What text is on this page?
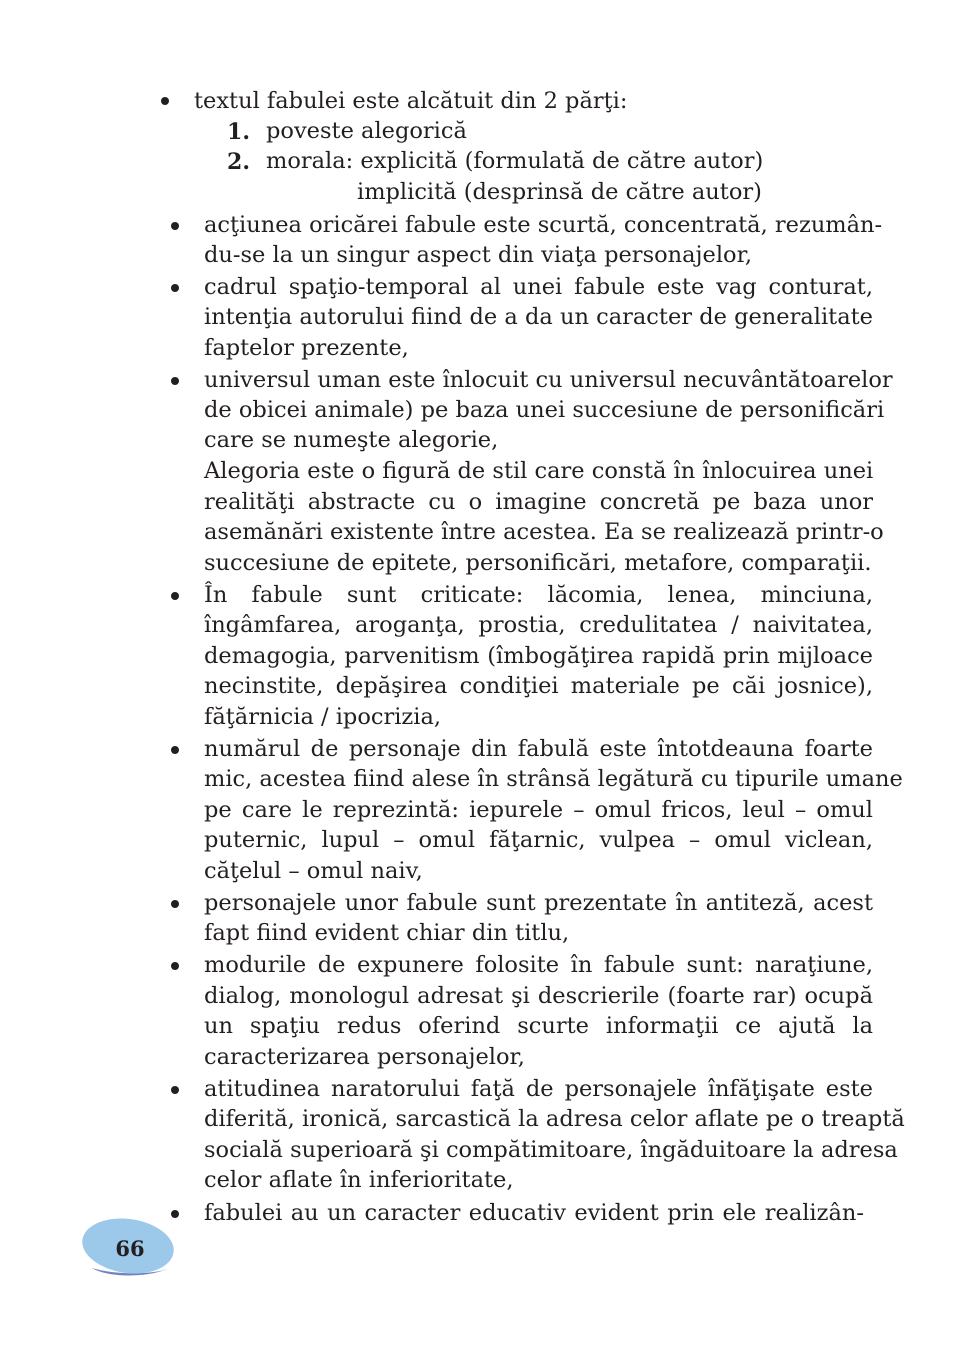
textul fabulei este alcătuit din 2 părţi:
1. poveste alegorică
2. morala: explicită (formulată de către autor)
implicită (desprinsă de către autor)
acţiunea oricărei fabule este scurtă, concentrată, rezumân-
du-se la un singur aspect din viaţa personajelor,
cadrul spaţio-temporal al unei fabule este vag conturat,
intenţia autorului fiind de a da un caracter de generalitate
faptelor prezente,
universul uman este înlocuit cu universul necuvântătoarelor
de obicei animale) pe baza unei succesiune de personificări
care se numeşte alegorie,
Alegoria este o figură de stil care constă în înlocuirea unei
realităţi abstracte cu o imagine concretă pe baza unor
asemănări existente între acestea. Ea se realizează printr-o
succesiune de epitete, personificări, metafore, comparaţii.
În fabule sunt criticate: lăcomia, lenea, minciuna,
îngâmfarea, aroganţa, prostia, credulitatea / naivitatea,
demagogia, parvenitism (îmbogăţirea rapidă prin mijloace
necinstite, depăşirea condiţiei materiale pe căi josnice),
făţărnicia / ipocrizia,
numărul de personaje din fabulă este întotdeauna foarte
mic, acestea fiind alese în strânsă legătură cu tipurile umane
pe care le reprezintă: iepurele – omul fricos, leul – omul
puternic, lupul – omul făţarnic, vulpea – omul viclean,
căţelul – omul naiv,
personajele unor fabule sunt prezentate în antiteză, acest
fapt fiind evident chiar din titlu,
modurile de expunere folosite în fabule sunt: naraţiune,
dialog, monologul adresat şi descrierile (foarte rar) ocupă
un spaţiu redus oferind scurte informaţii ce ajută la
caracterizarea personajelor,
atitudinea naratorului faţă de personajele înfăţişate este
diferită, ironică, sarcastică la adresa celor aflate pe o treaptă
socială superioară şi compătimitoare, îngăduitoare la adresa
celor aflate în inferioritate,
fabulei au un caracter educativ evident prin ele realizân-
66
